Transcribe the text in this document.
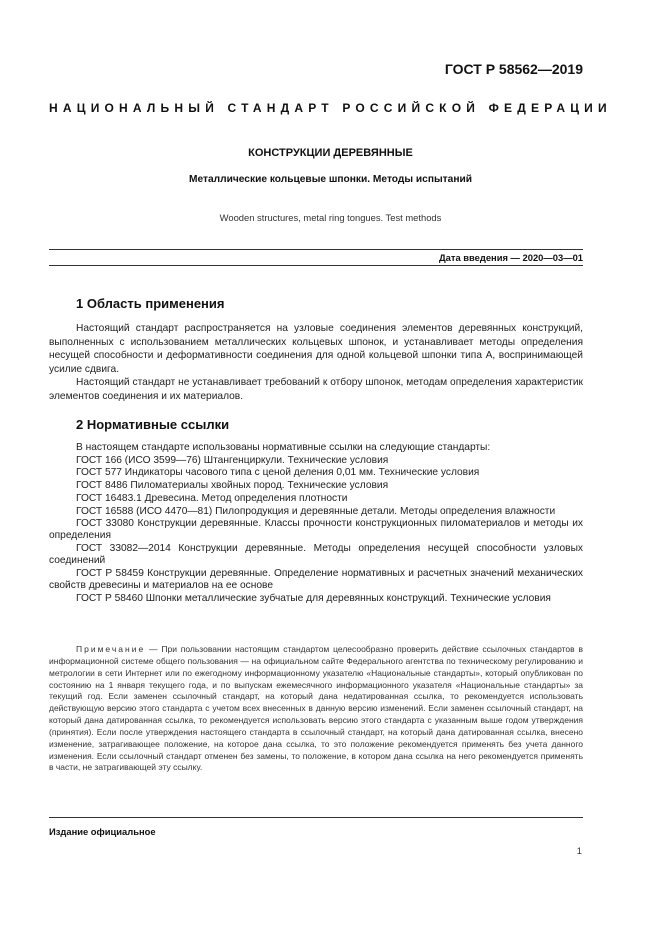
ГОСТ Р 58562—2019
НАЦИОНАЛЬНЫЙ СТАНДАРТ РОССИЙСКОЙ ФЕДЕРАЦИИ
КОНСТРУКЦИИ ДЕРЕВЯННЫЕ
Металлические кольцевые шпонки. Методы испытаний
Wooden structures, metal ring tongues. Test methods
Дата введения — 2020—03—01
1 Область применения

Настоящий стандарт распространяется на узловые соединения элементов деревянных конструкций, выполненных с использованием металлических кольцевых шпонок, и устанавливает методы определения несущей способности и деформативности соединения для одной кольцевой шпонки типа А, воспринимающей усилие сдвига.

Настоящий стандарт не устанавливает требований к отбору шпонок, методам определения характеристик элементов соединения и их материалов.

2 Нормативные ссылки

В настоящем стандарте использованы нормативные ссылки на следующие стандарты:

ГОСТ 166 (ИСО 3599—76) Штангенциркули. Технические условия

ГОСТ 577 Индикаторы часового типа с ценой деления 0,01 мм. Технические условия

ГОСТ 8486 Пиломатериалы хвойных пород. Технические условия

ГОСТ 16483.1 Древесина. Метод определения плотности

ГОСТ 16588 (ИСО 4470—81) Пилопродукция и деревянные детали. Методы определения влажности

ГОСТ 33080 Конструкции деревянные. Классы прочности конструкционных пиломатериалов и методы их определения

ГОСТ 33082—2014 Конструкции деревянные. Методы определения несущей способности узловых соединений

ГОСТ Р 58459 Конструкции деревянные. Определение нормативных и расчетных значений механических свойств древесины и материалов на ее основе

ГОСТ Р 58460 Шпонки металлические зубчатые для деревянных конструкций. Технические условия

Примечание — При пользовании настоящим стандартом целесообразно проверить действие ссылочных стандартов в информационной системе общего пользования — на официальном сайте Федерального агентства по техническому регулированию и метрологии в сети Интернет или по ежегодному информационному указателю «Национальные стандарты», который опубликован по состоянию на 1 января текущего года, и по выпускам ежемесячного информационного указателя «Национальные стандарты» за текущий год. Если заменен ссылочный стандарт, на который дана недатированная ссылка, то рекомендуется использовать действующую версию этого стандарта с учетом всех внесенных в данную версию изменений. Если заменен ссылочный стандарт, на который дана датированная ссылка, то рекомендуется использовать версию этого стандарта с указанным выше годом утверждения (принятия). Если после утверждения настоящего стандарта в ссылочный стандарт, на который дана датированная ссылка, внесено изменение, затрагивающее положение, на которое дана ссылка, то это положение рекомендуется применять без учета данного изменения. Если ссылочный стандарт отменен без замены, то положение, в котором дана ссылка на него рекомендуется применять в части, не затрагивающей эту ссылку.

Издание официальное
1
